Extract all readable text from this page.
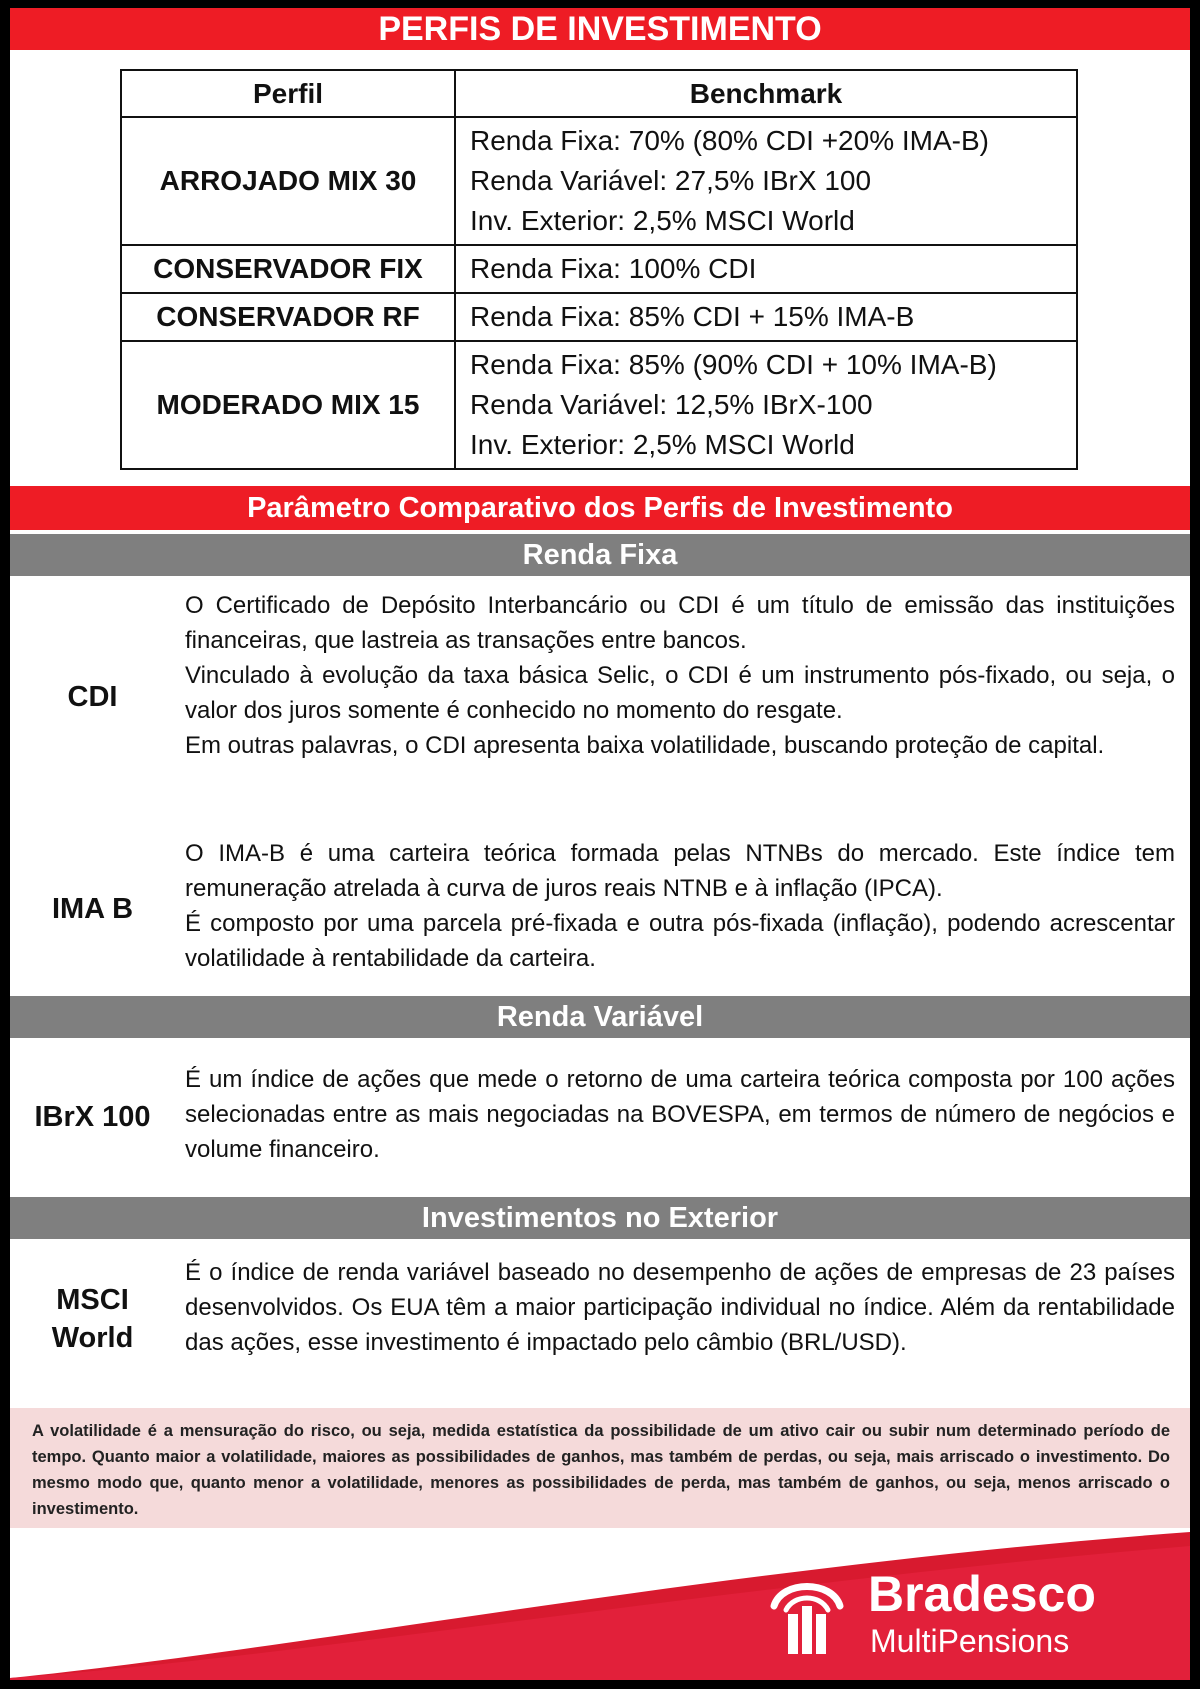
PERFIS DE INVESTIMENTO
Perfil	Benchmark
ARROJADO MIX 30	Renda Fixa: 70% (80% CDI +20% IMA-B)
Renda Variável: 27,5% IBrX 100
Inv. Exterior: 2,5% MSCI World

CONSERVADOR FIX	Renda Fixa: 100% CDI

CONSERVADOR RF	Renda Fixa: 85% CDI + 15% IMA-B

MODERADO MIX 15	Renda Fixa: 85% (90% CDI + 10% IMA-B)
Renda Variável: 12,5% IBrX-100
Inv. Exterior: 2,5% MSCI World
Parâmetro Comparativo dos Perfis de Investimento
Renda Fixa
CDI

O Certificado de Depósito Interbancário ou CDI é um título de emissão das instituições financeiras, que lastreia as transações entre bancos.

Vinculado à evolução da taxa básica Selic, o CDI é um instrumento pós-fixado, ou seja, o valor dos juros somente é conhecido no momento do resgate.

Em outras palavras, o CDI apresenta baixa volatilidade, buscando proteção de capital.

IMA B

O IMA-B é uma carteira teórica formada pelas NTNBs do mercado. Este índice tem remuneração atrelada à curva de juros reais NTNB e à inflação (IPCA).

É composto por uma parcela pré-fixada e outra pós-fixada (inflação), podendo acrescentar volatilidade à rentabilidade da carteira.

Renda Variável
IBrX 100

É um índice de ações que mede o retorno de uma carteira teórica composta por 100 ações selecionadas entre as mais negociadas na BOVESPA, em termos de número de negócios e volume financeiro.

Investimentos no Exterior
MSCI
World

É o índice de renda variável baseado no desempenho de ações de empresas de 23 países desenvolvidos. Os EUA têm a maior participação individual no índice. Além da rentabilidade das ações, esse investimento é impactado pelo câmbio (BRL/USD).

A volatilidade é a mensuração do risco, ou seja, medida estatística da possibilidade de um ativo cair ou subir num determinado período de tempo. Quanto maior a volatilidade, maiores as possibilidades de ganhos, mas também de perdas, ou seja, mais arriscado o investimento. Do mesmo modo que, quanto menor a volatilidade, menores as possibilidades de perda, mas também de ganhos, ou seja, menos arriscado o investimento.
Bradesco
MultiPensions
